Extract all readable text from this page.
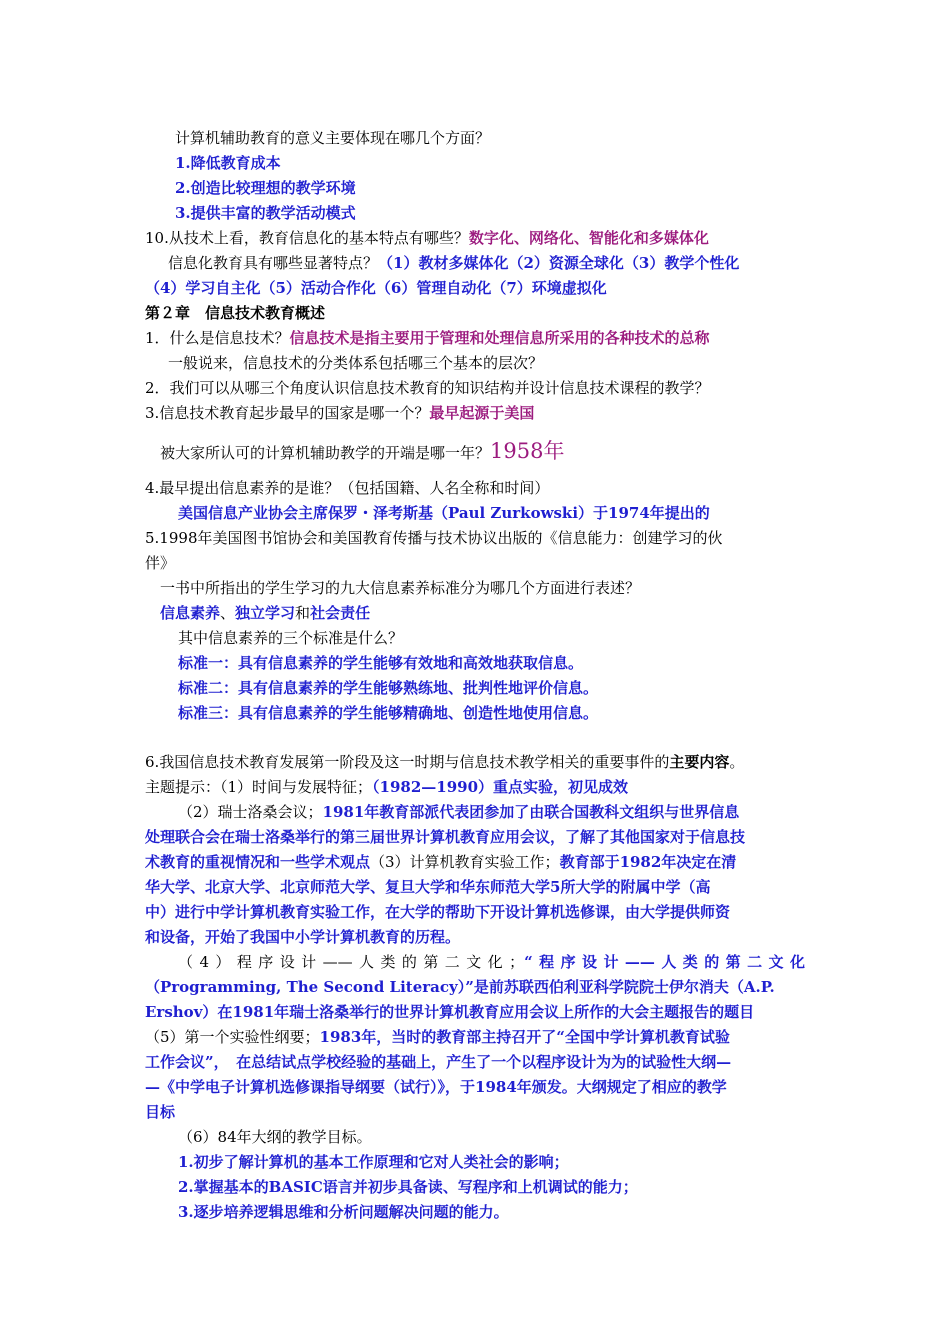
计算机辅助教育的意义主要体现在哪几个方面？
1.降低教育成本
2.创造比较理想的教学环境
3.提供丰富的教学活动模式
10.从技术上看，教育信息化的基本特点有哪些？数字化、网络化、智能化和多媒体化
信息化教育具有哪些显著特点？（1）教材多媒体化（2）资源全球化（3）教学个性化
（4）学习自主化（5）活动合作化（6）管理自动化（7）环境虚拟化
第２章　信息技术教育概述
1．什么是信息技术？信息技术是指主要用于管理和处理信息所采用的各种技术的总称
一般说来，信息技术的分类体系包括哪三个基本的层次？
2．我们可以从哪三个角度认识信息技术教育的知识结构并设计信息技术课程的教学？
3.信息技术教育起步最早的国家是哪一个？最早起源于美国
被大家所认可的计算机辅助教学的开端是哪一年？1958年
4.最早提出信息素养的是谁？（包括国籍、人名全称和时间）
美国信息产业协会主席保罗・泽考斯基（Paul Zurkowski）于1974年提出的
5.1998年美国图书馆协会和美国教育传播与技术协议出版的《信息能力：创建学习的伙
伴》
一书中所指出的学生学习的九大信息素养标准分为哪几个方面进行表述？
信息素养、独立学习和社会责任
其中信息素养的三个标准是什么？
标准一：具有信息素养的学生能够有效地和高效地获取信息。
标准二：具有信息素养的学生能够熟练地、批判性地评价信息。
标准三：具有信息素养的学生能够精确地、创造性地使用信息。
6.我国信息技术教育发展第一阶段及这一时期与信息技术教学相关的重要事件的主要内容。
主题提示：（1）时间与发展特征；（1982—1990）重点实验，初见成效
（2）瑞士洛桑会议；1981年教育部派代表团参加了由联合国教科文组织与世界信息
处理联合会在瑞士洛桑举行的第三届世界计算机教育应用会议，了解了其他国家对于信息技
术教育的重视情况和一些学术观点（3）计算机教育实验工作；教育部于1982年决定在清
华大学、北京大学、北京师范大学、复旦大学和华东师范大学5所大学的附属中学（高
中）进行中学计算机教育实验工作，在大学的帮助下开设计算机选修课，由大学提供师资
和设备，开始了我国中小学计算机教育的历程。
（4）程序设计——人类的第二文化；“程序设计——人类的第二文化
（Programming, The Second Literacy）”是前苏联西伯利亚科学院院士伊尔消夫（A.P.
Ershov）在1981年瑞士洛桑举行的世界计算机教育应用会议上所作的大会主题报告的题目
（5）第一个实验性纲要；1983年，当时的教育部主持召开了“全国中学计算机教育试验
工作会议”，　在总结试点学校经验的基础上，产生了一个以程序设计为为的试验性大纲—
—《中学电子计算机选修课指导纲要（试行）》，于1984年颁发。大纲规定了相应的教学
目标
（6）84年大纲的教学目标。
1.初步了解计算机的基本工作原理和它对人类社会的影响；
2.掌握基本的BASIC语言并初步具备读、写程序和上机调试的能力；
3.逐步培养逻辑思维和分析问题解决问题的能力。
